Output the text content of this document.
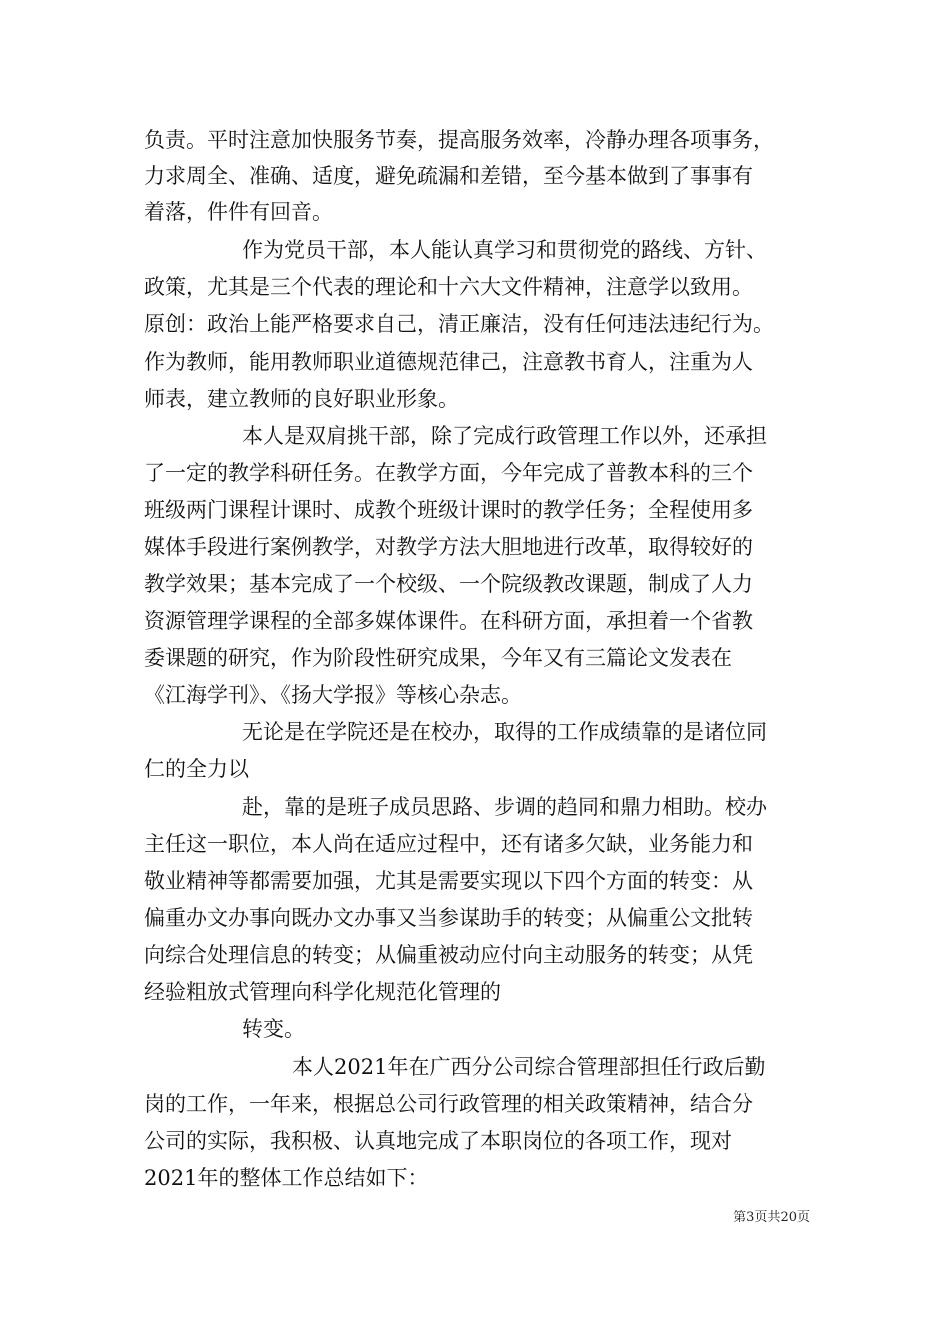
负责。平时注意加快服务节奏，提高服务效率，冷静办理各项事务，
力求周全、准确、适度，避免疏漏和差错，至今基本做到了事事有
着落，件件有回音。
作为党员干部，本人能认真学习和贯彻党的路线、方针、
政策，尤其是三个代表的理论和十六大文件精神，注意学以致用。
原创：政治上能严格要求自己，清正廉洁，没有任何违法违纪行为。
作为教师，能用教师职业道德规范律己，注意教书育人，注重为人
师表，建立教师的良好职业形象。
本人是双肩挑干部，除了完成行政管理工作以外，还承担
了一定的教学科研任务。在教学方面，今年完成了普教本科的三个
班级两门课程计课时、成教个班级计课时的教学任务；全程使用多
媒体手段进行案例教学，对教学方法大胆地进行改革，取得较好的
教学效果；基本完成了一个校级、一个院级教改课题，制成了人力
资源管理学课程的全部多媒体课件。在科研方面，承担着一个省教
委课题的研究，作为阶段性研究成果，今年又有三篇论文发表在
《江海学刊》、《扬大学报》等核心杂志。
无论是在学院还是在校办，取得的工作成绩靠的是诸位同
仁的全力以
赴，靠的是班子成员思路、步调的趋同和鼎力相助。校办
主任这一职位，本人尚在适应过程中，还有诸多欠缺，业务能力和
敬业精神等都需要加强，尤其是需要实现以下四个方面的转变：从
偏重办文办事向既办文办事又当参谋助手的转变；从偏重公文批转
向综合处理信息的转变；从偏重被动应付向主动服务的转变；从凭
经验粗放式管理向科学化规范化管理的
转变。
本人2021年在广西分公司综合管理部担任行政后勤
岗的工作，一年来，根据总公司行政管理的相关政策精神，结合分
公司的实际，我积极、认真地完成了本职岗位的各项工作，现对
2021年的整体工作总结如下：
第3页共20页
